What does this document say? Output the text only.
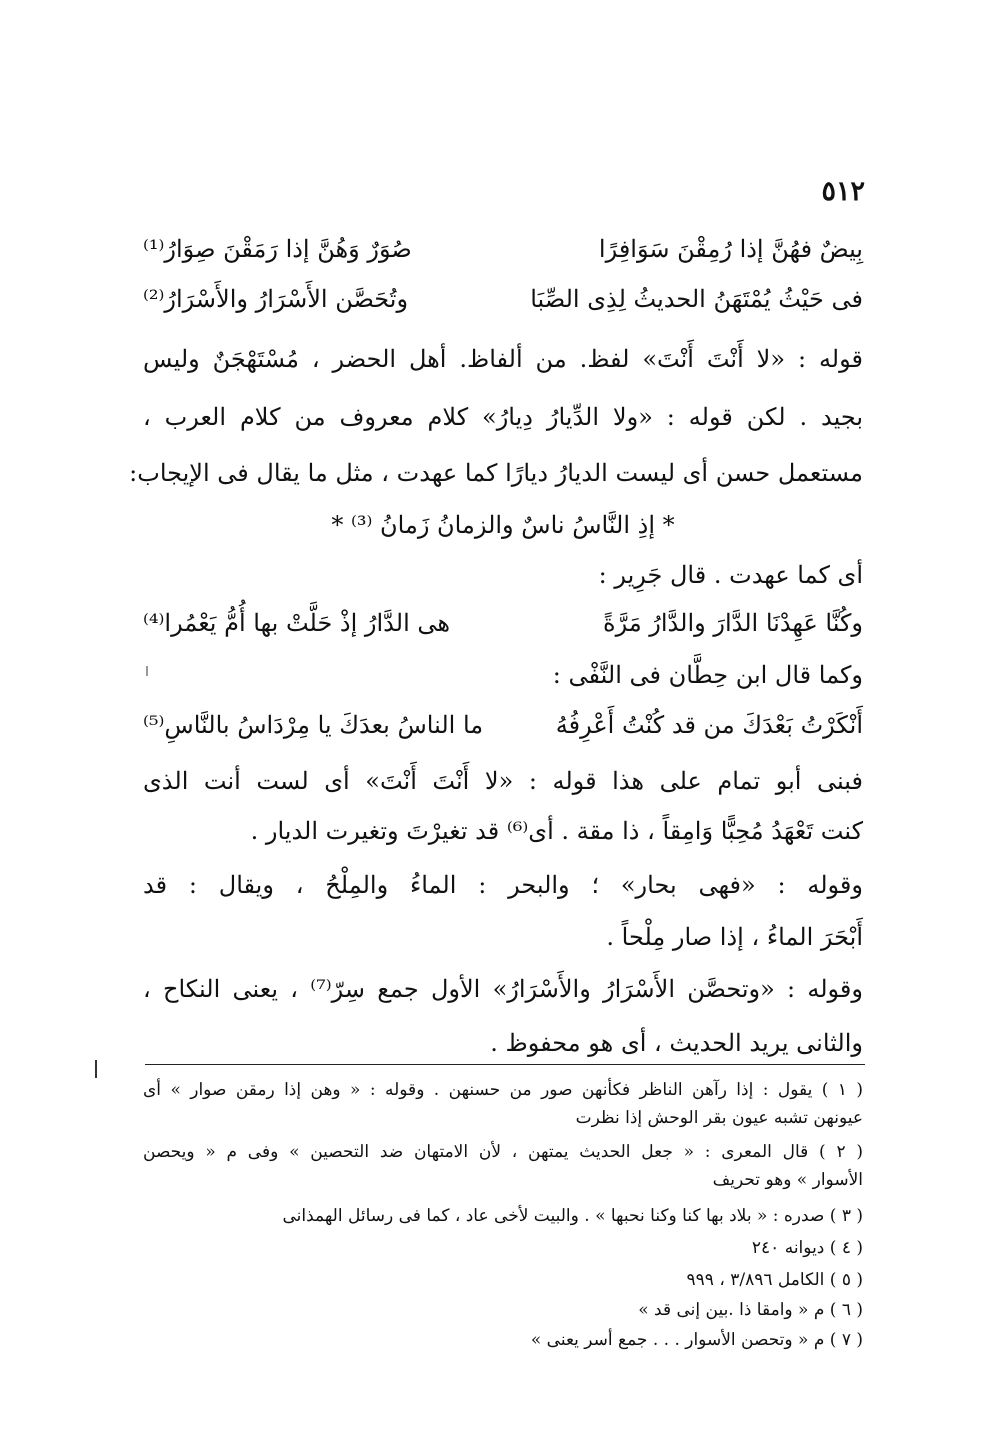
٥١٢
بِيضٌ فهُنَّ إذا رُمِقْنَ سَوَافِرًا
صُوَرٌ وَهُنَّ إذا رَمَقْنَ صِوَارُ⁽¹⁾
فى حَيْثُ يُمْتَهَنُ الحديثُ لِذِى الصِّبَا
وتُحَصَّن الأَسْرَارُ والأَسْرَارُ⁽²⁾
قوله : «لا أَنْتَ أَنْتَ» لفظ. من ألفاظ. أهل الحضر ، مُسْتَهْجَنٌ وليس
بجيد . لكن قوله : «ولا الدِّيارُ دِيارُ» كلام معروف من كلام العرب ،
مستعمل حسن أى ليست الديارُ ديارًا كما عهدت ، مثل ما يقال فى الإيجاب:
* إذِ النَّاسُ ناسٌ والزمانُ زَمانُ ⁽³⁾ *
أى كما عهدت . قال جَرِير :
وكُنَّا عَهِدْنَا الدَّارَ والدَّارُ مَرَّةً
هى الدَّارُ إذْ حَلَّتْ بها أُمُّ يَعْمُرا⁽⁴⁾
وكما قال ابن حِطَّان فى النَّفْى :
أَنْكَرْتُ بَعْدَكَ من قد كُنْتُ أَعْرِفُهُ
ما الناسُ بعدَكَ يا مِرْدَاسُ بالنَّاسِ⁽⁵⁾
فبنى أبو تمام على هذا قوله : «لا أَنْتَ أَنْتَ» أى لست أنت الذى
كنت تَعْهَدُ مُحِبًّا وَامِقاً ، ذا مقة . أى⁽⁶⁾ قد تغيرْتَ وتغيرت الديار .
وقوله : «فهى بحار» ؛ والبحر : الماءُ والمِلْحُ ، ويقال : قد
أَبْحَرَ الماءُ ، إذا صار مِلْحاً .
وقوله : «وتحصَّن الأَسْرَارُ والأَسْرَارُ» الأول جمع سِرّ⁽⁷⁾ ، يعنى النكاح ،
والثانى يريد الحديث ، أى هو محفوظ .
( ١ ) يقول : إذا رآهن الناظر فكأنهن صور من حسنهن . وقوله : « وهن إذا رمقن صوار » أى
عيونهن تشبه عيون بقر الوحش إذا نظرت
( ٢ ) قال المعرى : « جعل الحديث يمتهن ، لأن الامتهان ضد التحصين » وفى م « ويحصن
الأسوار » وهو تحريف
( ٣ ) صدره : « بلاد بها كنا وكنا نحبها » . والبيت لأخى عاد ، كما فى رسائل الهمذانى
( ٤ ) ديوانه ٢٤٠
( ٥ ) الكامل ٣/٨٩٦ ، ٩٩٩
( ٦ ) م « وامقا ذا .بين إنى قد »
( ٧ ) م « وتحصن الأسوار . . . جمع أسر يعنى »
